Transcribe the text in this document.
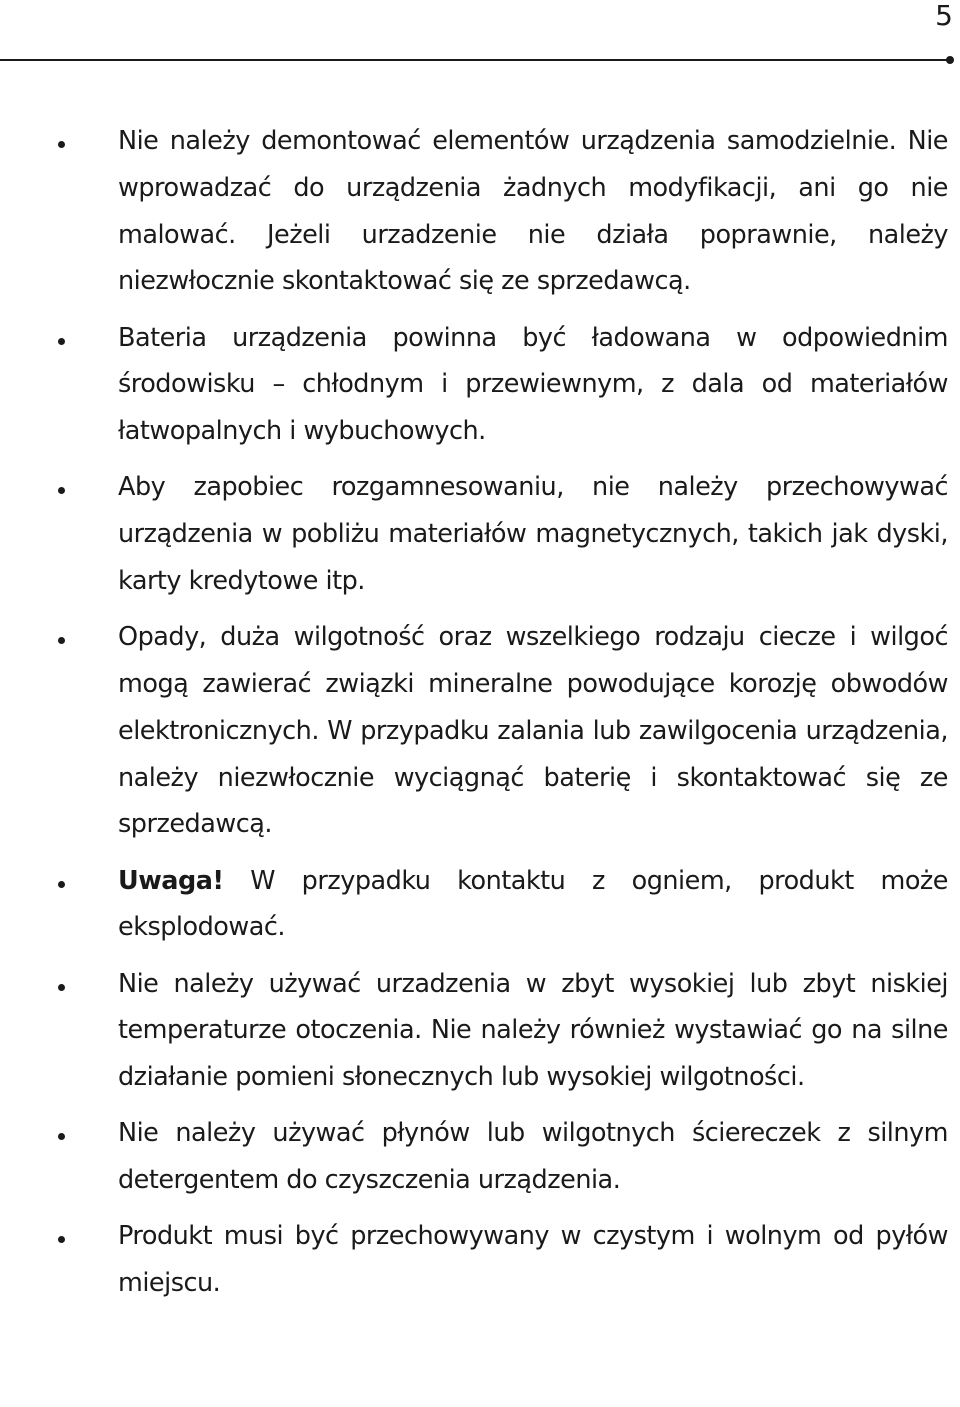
5
Nie należy demontować elementów urządzenia samodzielnie. Nie wprowadzać do urządzenia żadnych modyfikacji, ani go nie malować. Jeżeli urzadzenie nie działa poprawnie, należy niezwłocznie skontaktować się ze sprzedawcą.
Bateria urządzenia powinna być ładowana w odpowiednim środowisku – chłodnym i przewiewnym, z dala od materiałów łatwopalnych i wybuchowych.
Aby zapobiec rozgamnesowaniu, nie należy przechowywać urządzenia w pobliżu materiałów magnetycznych, takich jak dyski, karty kredytowe itp.
Opady, duża wilgotność oraz wszelkiego rodzaju ciecze i wilgoć mogą zawierać związki mineralne powodujące korozję obwodów elektronicznych. W przypadku zalania lub zawilgocenia urządzenia, należy niezwłocznie wyciągnąć baterię i skontaktować się ze sprzedawcą.
Uwaga! W przypadku kontaktu z ogniem, produkt może eksplodować.
Nie należy używać urzadzenia w zbyt wysokiej lub zbyt niskiej temperaturze otoczenia. Nie należy również wystawiać go na silne działanie pomieni słonecznych lub wysokiej wilgotności.
Nie należy używać płynów lub wilgotnych ściereczek z silnym detergentem do czyszczenia urządzenia.
Produkt musi być przechowywany w czystym i wolnym od pyłów miejscu.
